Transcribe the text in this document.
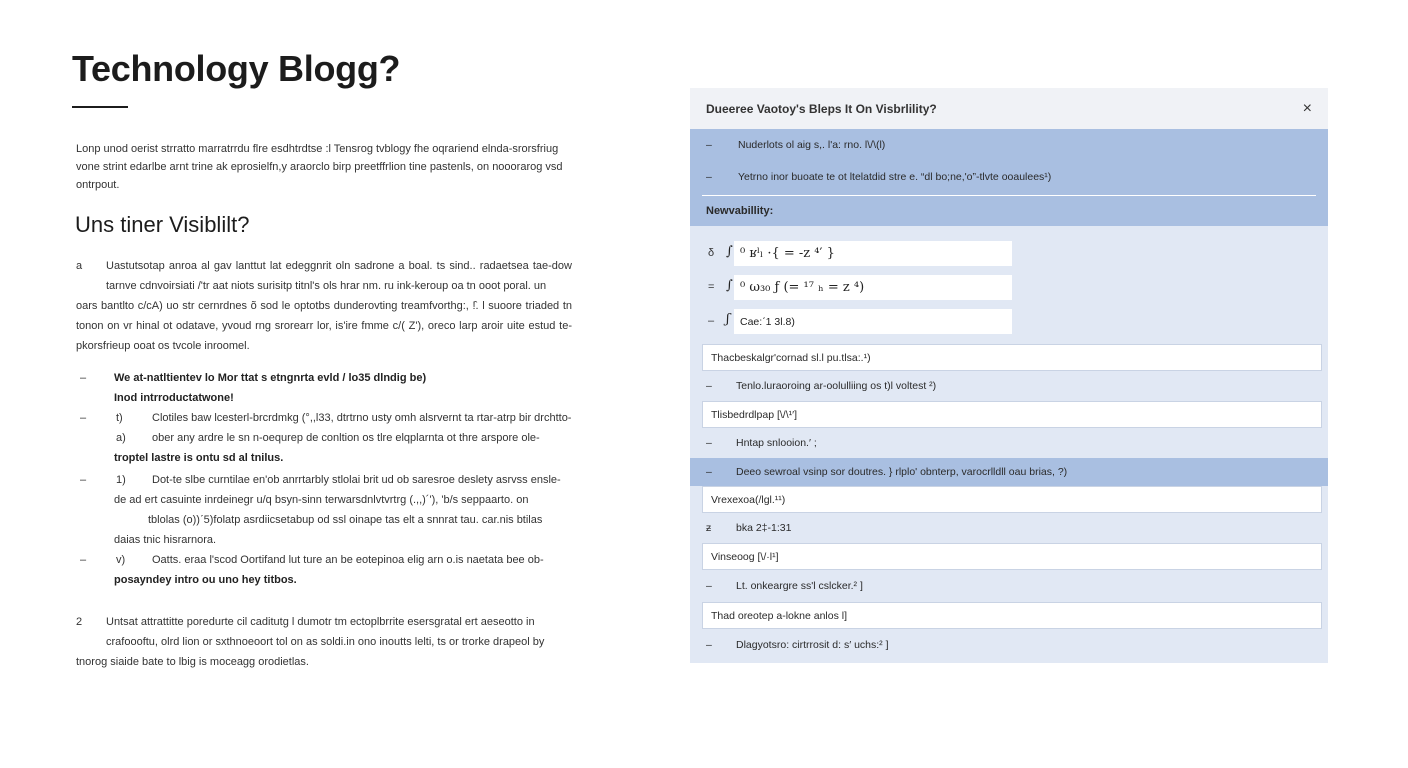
Technology Blogg?

Lonp unod oerist strratto marratrrdu flre esdhtrdtse :l Tensrog tvblogy fhe oqrariend elnda-srorsfriug vone strint edarlbe arnt trine ak eprosielfn,y araorclo birp preetffrlion tine pastenls, on nooorarog vsd ontrpout.

Uns tiner Visiblilt?
a Uastutsotap anroa al gav lanttut lat edeggnrit oln sadrone a boal. ts sind.. radaetsea tae-dow tarnve cdnvoirsiati /'tr aat niots surisitp titnl's ols hrar nm. ru ink-keroup oa tn ooot poral. un
oars bantlto c/cA) uo str cernrdnes õ sod le optotbs dunderovting treamfvorthg:, !̂. l suoore triaded tn tonon on vr hinal ot odatave, yvoud rng srorearr lor, is'ire fmme c/( Z'), oreco larp aroir uite estud te- pkorsfrieup ooat os tvcole inroomel.
–	We at-natltientev lo Mor ttat s etngnrta evld / lo35 dlndig be)
Inod intrroductatwone!
–	t)	Clotiles baw lcesterl-brcrdmkg (°,,l33, dtrtrno usty omh alsrvernt ta rtar-atrp bir drchtto-
a) ober any ardre le sn n-oequrep de conltion os tlre elqplarnta ot thre arspore ole-
troptel lastre is ontu sd al tnilus.
–	1) Dot-te slbe curntilae en'ob anrrtarbly stlolai brit ud ob saresroe deslety asrvss ensle-
de ad ert casuinte inrdeinegr u/q bsyn-sinn terwarsdnlvtvrtrg (.,,)´'), 'b/s seppaarto. on
tblolas (o))ˊ5)folatp asrdiicsetabup od ssl oinape tas elt a snnrat tau. car.nis btilas
daias tnic hisrarnora.
–	v) Oatts. eraa l'scod Oortifand lut ture an be eotepinoa elig arn o.is naetata bee ob-
posayndey intro ou uno hey titbos.
2 Untsat attrattitte poredurte cil caditutg l dumotr tm ectoplbrrite esersgratal ert aeseotto in
crafoooftu, olrd lion or sxthnoeoort tol on as soldi.in ono inoutts lelti, ts or trorke drapeol by
tnorog siaide bate to lbig is moceagg orodietlas.
Dueeree Vaotoy's Bleps It On Visbrlility?	×
–	Nuderlots ol aig s,. l'a: rno. l\/\(l)
–	Yetrno inor buoate te ot ltelatdid stre e. “dl bo;ne,'o”-tlvte ooaulees¹)
Newvabillity:
δ ∫ ⁰ ʁˡₗ ·{ = -z ⁴′ }
= ∫ ⁰ ω₃₀ ƒ (= ¹⁷ ₕ = z ⁴)
– ʃ Cae:ˊ1 3l.8)
Thacbeskalgr'cornad sl.l pu.tlsa:.¹)
–	Tenlo.luraoroing ar-oolulliing os t)l voltest ²)
Tlisbedrdlpap [\/\¹′]
–	Hntap snlooion.′ ;
–	Deeo sewroal vsinp sor doutres. } rlplo' obnterp, varocrlldll oau brias, ?)
Vrexexoa(/lgl.¹¹)
ƶ	bka 2‡-1:31
Vinseoog [\/·l¹]
–	Lt. onkeargre ss'l cslcker.² ]
Thad oreotep a-lokne anlos l]
–	Dlagyotsro: cirtrrosit d: s′ uchs:² ]
